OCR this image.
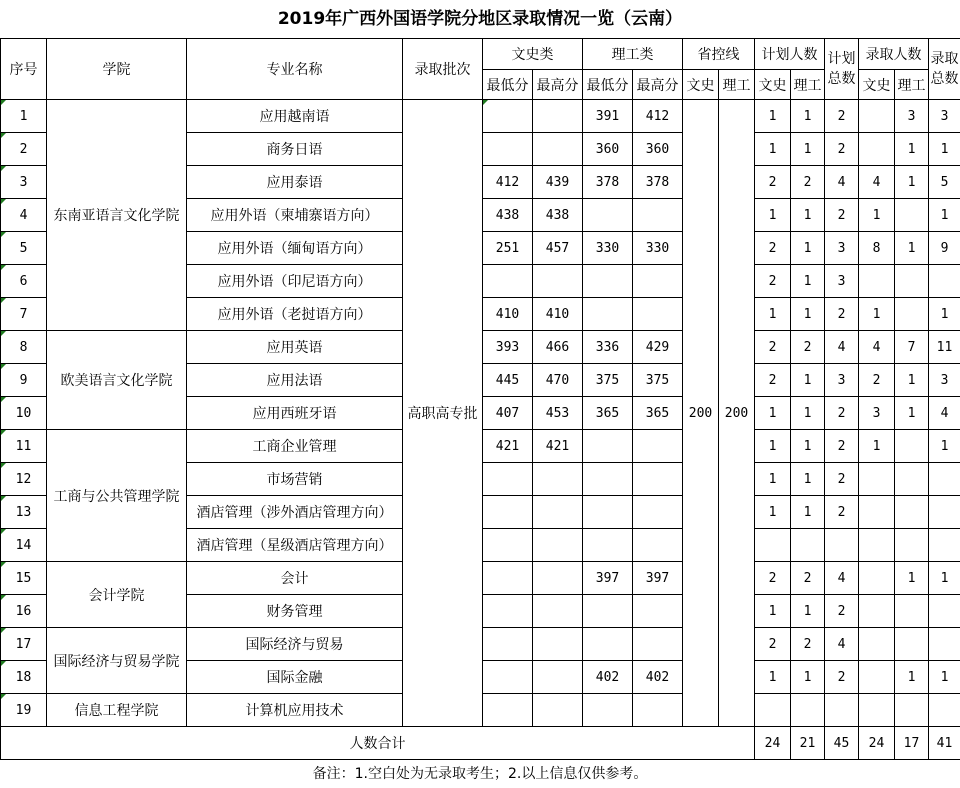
2019年广西外国语学院分地区录取情况一览（云南）
序号	学院	专业名称	录取批次	文史类		理工类		省控线		计划人数		计划总数	录取人数		录取总数
				最低分	最高分	最低分	最高分	文史	理工	文史	理工		文史	理工	
1	东南亚语言文化学院	应用越南语	高职高专批			391	412	200	200	1	1	2		3	3
2		商务日语				360	360			1	1	2		1	1
3		应用泰语		412	439	378	378			2	2	4	4	1	5
4		应用外语（柬埔寨语方向）		438	438					1	1	2	1		1
5		应用外语（缅甸语方向）		251	457	330	330			2	1	3	8	1	9
6		应用外语（印尼语方向）								2	1	3			
7		应用外语（老挝语方向）		410	410					1	1	2	1		1
8	欧美语言文化学院	应用英语		393	466	336	429			2	2	4	4	7	11
9		应用法语		445	470	375	375			2	1	3	2	1	3
10		应用西班牙语		407	453	365	365			1	1	2	3	1	4
11	工商与公共管理学院	工商企业管理		421	421					1	1	2	1		1
12		市场营销								1	1	2			
13		酒店管理（涉外酒店管理方向）								1	1	2			
14		酒店管理（星级酒店管理方向）													
15	会计学院	会计				397	397			2	2	4		1	1
16		财务管理								1	1	2			
17	国际经济与贸易学院	国际经济与贸易								2	2	4			
18		国际金融				402	402			1	1	2		1	1
19	信息工程学院	计算机应用技术													
人数合计										24	21	45	24	17	41
备注：1.空白处为无录取考生；2.以上信息仅供参考。
